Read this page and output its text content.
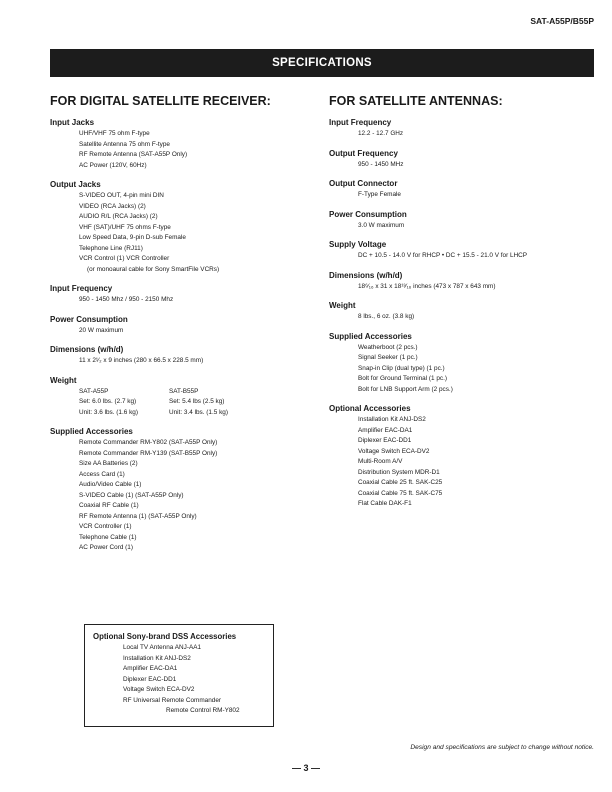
SAT-A55P/B55P
SPECIFICATIONS
FOR DIGITAL SATELLITE RECEIVER:
Input Jacks
UHF/VHF 75 ohm F-type
Satellite Antenna 75 ohm F-type
RF Remote Antenna (SAT-A55P Only)
AC Power (120V, 60Hz)
Output Jacks
S-VIDEO OUT, 4-pin mini DIN
VIDEO (RCA Jacks) (2)
AUDIO R/L (RCA Jacks) (2)
VHF (SAT)/UHF 75 ohms F-type
Low Speed Data, 9-pin D-sub Female
Telephone Line (RJ11)
VCR Control (1) VCR Controller
(or monoaural cable for Sony SmartFile VCRs)
Input Frequency
950 - 1450 Mhz / 950 - 2150 Mhz
Power Consumption
20 W maximum
Dimensions (w/h/d)
11 x 2¹⁄₂ x 9 inches (280 x 66.5 x 228.5 mm)
Weight
SAT-A55P	SAT-B55P
Set: 6.0 lbs. (2.7 kg)	Set: 5.4 lbs (2.5 kg)
Unit: 3.6 lbs. (1.6 kg)	Unit: 3.4 lbs. (1.5 kg)
Supplied Accessories
Remote Commander RM-Y802 (SAT-A55P Only)
Remote Commander RM-Y139 (SAT-B55P Only)
Size AA Batteries (2)
Access Card (1)
Audio/Video Cable (1)
S-VIDEO Cable (1) (SAT-A55P Only)
Coaxial RF Cable (1)
RF Remote Antenna (1) (SAT-A55P Only)
VCR Controller (1)
Telephone Cable (1)
AC Power Cord (1)
FOR SATELLITE ANTENNAS:
Input Frequency
12.2 - 12.7 GHz
Output Frequency
950 - 1450 MHz
Output Connector
F-Type Female
Power Consumption
3.0 W maximum
Supply Voltage
DC + 10.5 - 14.0 V for RHCP • DC + 15.5 - 21.0 V for LHCP
Dimensions (w/h/d)
18⁶⁄₁₆ x 31 x 18¹³⁄₁₆ inches (473 x 787 x 643 mm)
Weight
8 lbs., 6 oz. (3.8 kg)
Supplied Accessories
Weatherboot (2 pcs.)
Signal Seeker (1 pc.)
Snap-in Clip (dual type) (1 pc.)
Bolt for Ground Terminal (1 pc.)
Bolt for LNB Support Arm (2 pcs.)
Optional Accessories
Installation Kit ANJ-DS2
Amplifier EAC-DA1
Diplexer EAC-DD1
Voltage Switch ECA-DV2
Multi-Room A/V
Distribution System MDR-D1
Coaxial Cable 25 ft. SAK-C25
Coaxial Cable 75 ft. SAK-C75
Flat Cable DAK-F1
Optional Sony-brand DSS Accessories
Local TV Antenna ANJ-AA1
Installation Kit ANJ-DS2
Amplifier EAC-DA1
Diplexer EAC-DD1
Voltage Switch ECA-DV2
RF Universal Remote Commander
Remote Control RM-Y802
Design and specifications are subject to change without notice.
— 3 —
